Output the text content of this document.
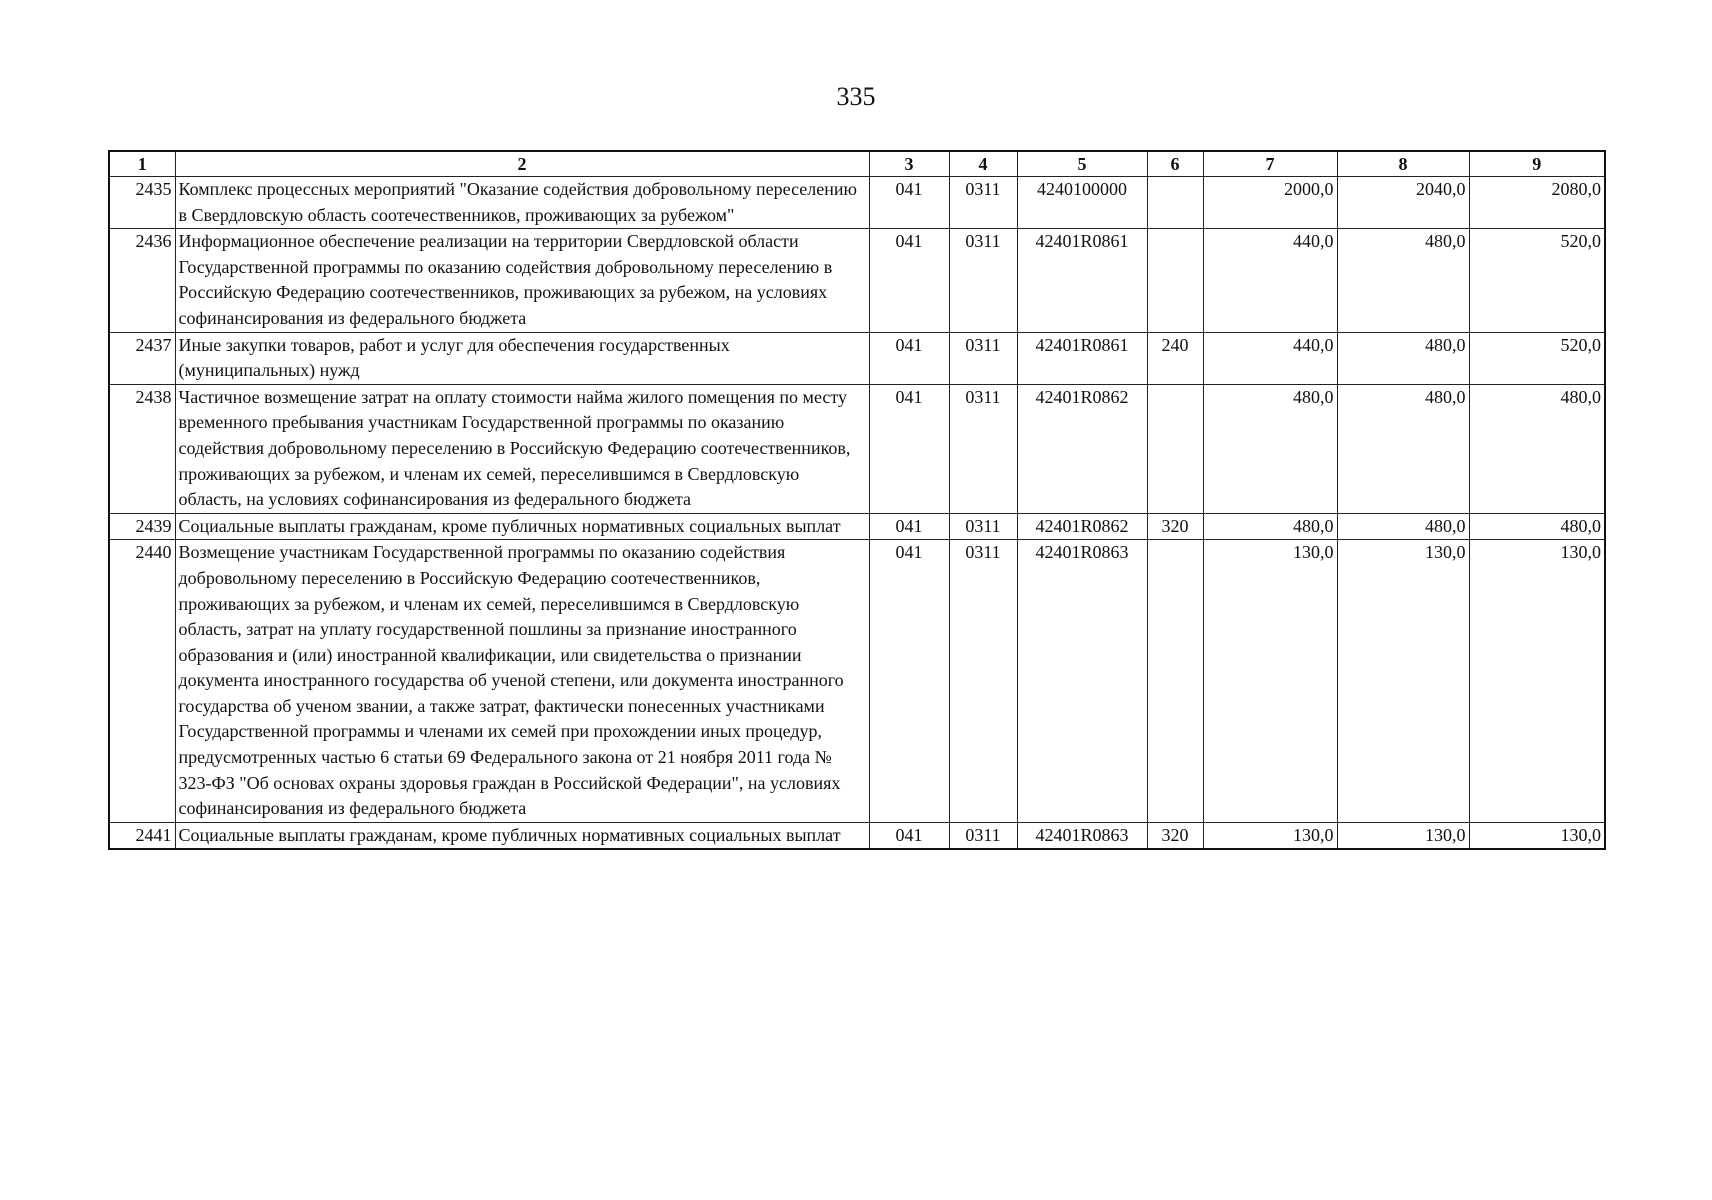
335
1	2	3	4	5	6	7	8	9
2435	Комплекс процессных мероприятий "Оказание содействия добровольному переселению в Свердловскую область соотечественников, проживающих за рубежом"	041	0311	4240100000		2000,0	2040,0	2080,0
2436	Информационное обеспечение реализации на территории Свердловской области Государственной программы по оказанию содействия добровольному переселению в Российскую Федерацию соотечественников, проживающих за рубежом, на условиях софинансирования из федерального бюджета	041	0311	42401R0861		440,0	480,0	520,0
2437	Иные закупки товаров, работ и услуг для обеспечения государственных (муниципальных) нужд	041	0311	42401R0861	240	440,0	480,0	520,0
2438	Частичное возмещение затрат на оплату стоимости найма жилого помещения по месту временного пребывания участникам Государственной программы по оказанию содействия добровольному переселению в Российскую Федерацию соотечественников, проживающих за рубежом, и членам их семей, переселившимся в Свердловскую область, на условиях софинансирования из федерального бюджета	041	0311	42401R0862		480,0	480,0	480,0
2439	Социальные выплаты гражданам, кроме публичных нормативных социальных выплат	041	0311	42401R0862	320	480,0	480,0	480,0
2440	Возмещение участникам Государственной программы по оказанию содействия добровольному переселению в Российскую Федерацию соотечественников, проживающих за рубежом, и членам их семей, переселившимся в Свердловскую область, затрат на уплату государственной пошлины за признание иностранного образования и (или) иностранной квалификации, или свидетельства о признании документа иностранного государства об ученой степени, или документа иностранного государства об ученом звании, а также затрат, фактически понесенных участниками Государственной программы и членами их семей при прохождении иных процедур, предусмотренных частью 6 статьи 69 Федерального закона от 21 ноября 2011 года № 323-ФЗ "Об основах охраны здоровья граждан в Российской Федерации", на условиях софинансирования из федерального бюджета	041	0311	42401R0863		130,0	130,0	130,0
2441	Социальные выплаты гражданам, кроме публичных нормативных социальных выплат	041	0311	42401R0863	320	130,0	130,0	130,0
